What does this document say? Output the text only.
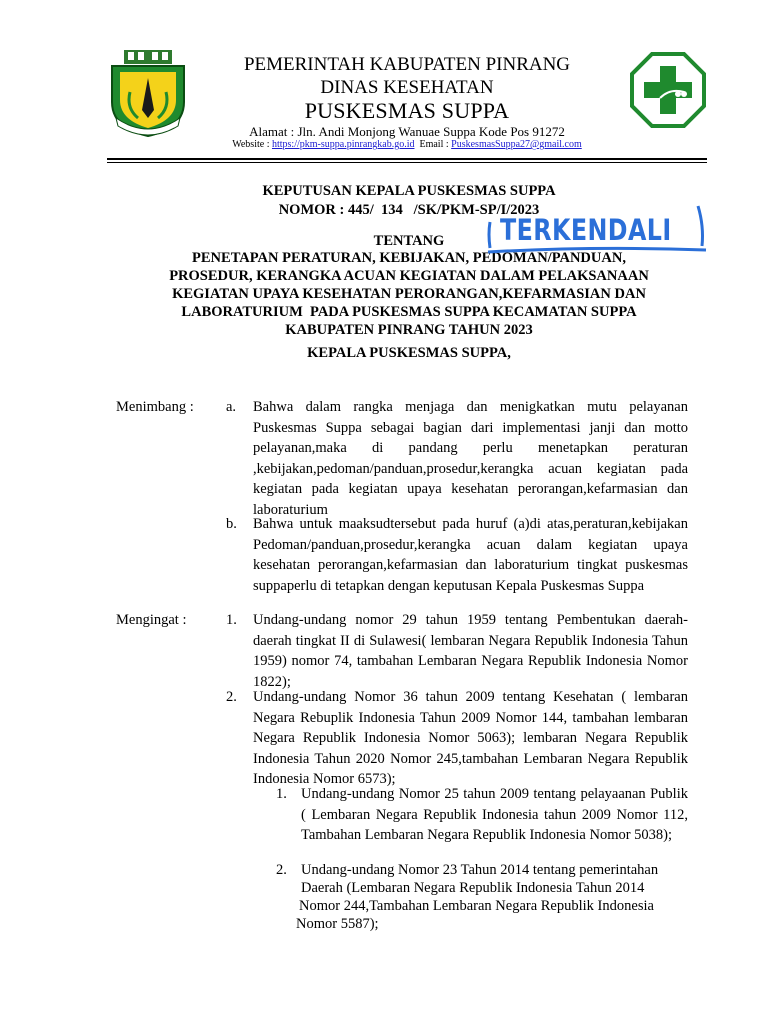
PEMERINTAH KABUPATEN PINRANG
DINAS KESEHATAN
PUSKESMAS SUPPA
Alamat : Jln. Andi Monjong Wanuae Suppa Kode Pos 91272
Website : https://pkm-suppa.pinrangkab.go.id  Email : PuskesmasSuppa27@gmail.com
KEPUTUSAN KEPALA PUSKESMAS SUPPA
NOMOR : 445/  134   /SK/PKM-SP/I/2023
TENTANG
PENETAPAN PERATURAN, KEBIJAKAN, PEDOMAN/PANDUAN,
PROSEDUR, KERANGKA ACUAN KEGIATAN DALAM PELAKSANAAN
KEGIATAN UPAYA KESEHATAN PERORANGAN,KEFARMASIAN DAN
LABORATURIUM  PADA PUSKESMAS SUPPA KECAMATAN SUPPA
KABUPATEN PINRANG TAHUN 2023
KEPALA PUSKESMAS SUPPA,
TERKENDALI
Menimbang : a. Bahwa dalam rangka menjaga dan menigkatkan mutu pelayanan Puskesmas Suppa sebagai bagian dari implementasi janji dan motto pelayanan,maka di pandang perlu menetapkan peraturan ,kebijakan,pedoman/panduan,prosedur,kerangka acuan kegiatan pada kegiatan pada kegiatan upaya kesehatan perorangan,kefarmasian dan laboraturium

b. Bahwa untuk maaksudtersebut pada huruf (a)di atas,peraturan,kebijakan Pedoman/panduan,prosedur,kerangka acuan dalam kegiatan upaya kesehatan perorangan,kefarmasian dan laboraturium tingkat puskesmas suppaperlu di tetapkan dengan keputusan Kepala Puskesmas Suppa

Mengingat :	1. Undang-undang nomor 29 tahun 1959 tentang Pembentukan daerah-daerah tingkat II di Sulawesi( lembaran Negara Republik Indonesia Tahun 1959) nomor 74, tambahan Lembaran Negara Republik Indonesia Nomor 1822);

2. Undang-undang Nomor 36 tahun 2009 tentang Kesehatan ( lembaran Negara Rebuplik Indonesia Tahun 2009 Nomor 144, tambahan lembaran Negara Republik Indonesia Nomor 5063); lembaran Negara Republik Indonesia Tahun 2020 Nomor 245,tambahan Lembaran Negara Republik Indonesia Nomor 6573);

1. Undang-undang Nomor 25 tahun 2009 tentang pelayaanan Publik ( Lembaran Negara Republik Indonesia tahun 2009 Nomor 112, Tambahan Lembaran Negara Republik Indonesia Nomor 5038);

2. Undang-undang Nomor 23 Tahun 2014 tentang pemerintahan
Daerah (Lembaran Negara Republik Indonesia Tahun 2014
Nomor 244,Tambahan Lembaran Negara Republik Indonesia
Nomor 5587);
